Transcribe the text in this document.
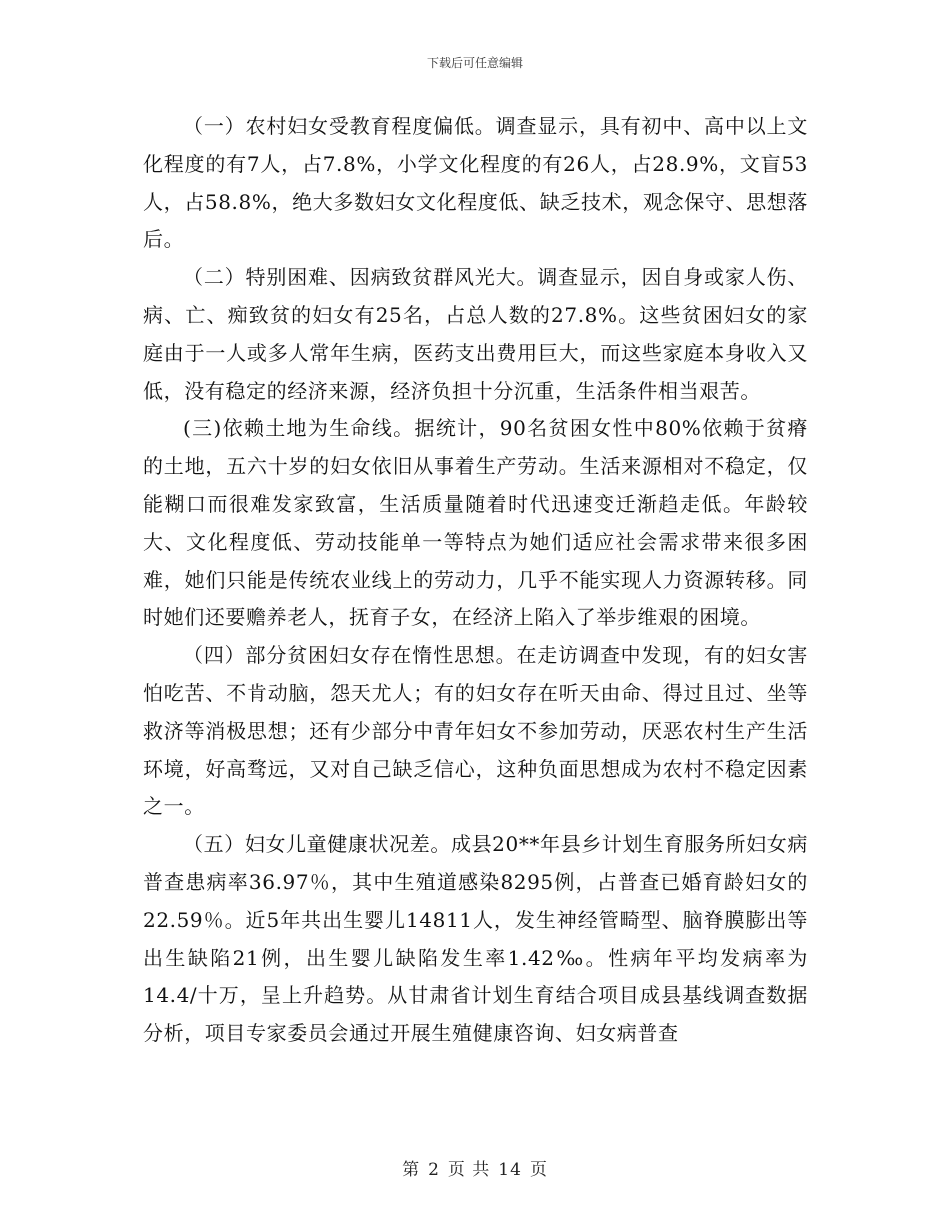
下载后可任意编辑

（一）农村妇女受教育程度偏低。调查显示，具有初中、高中以上文化程度的有7人，占7.8%，小学文化程度的有26人，占28.9%，文盲53人，占58.8%，绝大多数妇女文化程度低、缺乏技术，观念保守、思想落后。

（二）特别困难、因病致贫群风光大。调查显示，因自身或家人伤、病、亡、痴致贫的妇女有25名，占总人数的27.8%。这些贫困妇女的家庭由于一人或多人常年生病，医药支出费用巨大，而这些家庭本身收入又低，没有稳定的经济来源，经济负担十分沉重，生活条件相当艰苦。

(三)依赖土地为生命线。据统计，90名贫困女性中80%依赖于贫瘠的土地，五六十岁的妇女依旧从事着生产劳动。生活来源相对不稳定，仅能糊口而很难发家致富，生活质量随着时代迅速变迁渐趋走低。年龄较大、文化程度低、劳动技能单一等特点为她们适应社会需求带来很多困难，她们只能是传统农业线上的劳动力，几乎不能实现人力资源转移。同时她们还要赡养老人，抚育子女，在经济上陷入了举步维艰的困境。

（四）部分贫困妇女存在惰性思想。在走访调查中发现，有的妇女害怕吃苦、不肯动脑，怨天尤人；有的妇女存在听天由命、得过且过、坐等救济等消极思想；还有少部分中青年妇女不参加劳动，厌恶农村生产生活环境，好高骛远，又对自己缺乏信心，这种负面思想成为农村不稳定因素之一。

（五）妇女儿童健康状况差。成县20**年县乡计划生育服务所妇女病普查患病率36.97％，其中生殖道感染8295例，占普查已婚育龄妇女的22.59％。近5年共出生婴儿14811人，发生神经管畸型、脑脊膜膨出等出生缺陷21例，出生婴儿缺陷发生率1.42‰。性病年平均发病率为14.4/十万，呈上升趋势。从甘肃省计划生育结合项目成县基线调查数据分析，项目专家委员会通过开展生殖健康咨询、妇女病普查

第 2 页 共 14 页
